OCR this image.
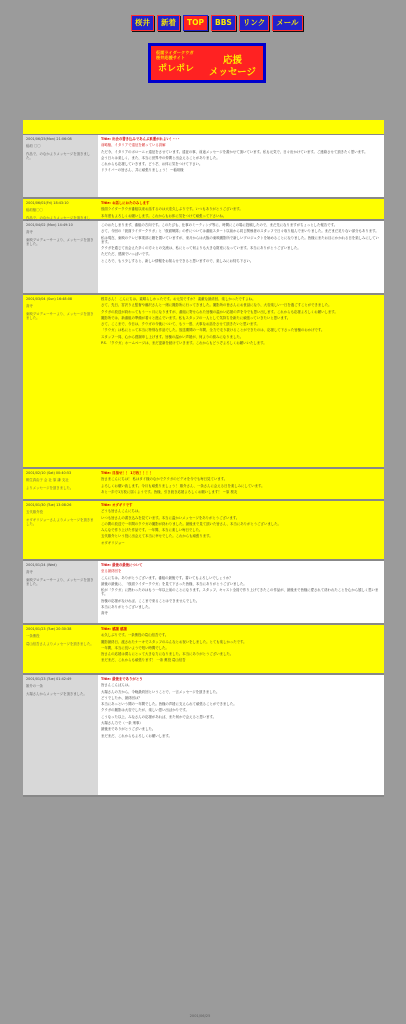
桜井	新着	TOP	BBS	リンク	メール
仮面ライダークウガ
桜井応援サイト
ポレポレ
応援
メッセージ
2001/06/25(Mon) 21:06:08
稲垣 〇〇
作品で、のなかよりメッセージを頂きました。
Title: 出会の書き込みであんぷ系運がれよい！-・-
前略様、イタリアで遠征を願っている誤解
ただ今、イタリアのボローニャ遠征をさせています。遠征の事、前途メッセージを書かせて頂いています。私も元気で、日々出かけています。ご連絡させて頂きたく思います。
会う日々は楽しく、また、本当に世界中の仲間と出会えることがありました。
これからも応援していきます。どうぞ、お体に気をつけて下さい。
ドライバーの皆さん、共に頑張りましょう！ ー稲垣様
2001/06/01(Fri) 18:43:10
稲垣様〇〇
作品で、のなかよりメッセージを頂きまし
Title: お話しにおたのみします
仮面ライダークウガ番組以来お話するのは大変久しぶりです。いつもありがとうございます。
本年度もよろしくお願いします。これからもお体に気をつけて頑張って下さいね。
2001/04/02 (Mon) 14:49:10
高寺
東映プロデューサーより、メッセージを頂きました。
このおたしまりまず、番組の方向です。このたびも、仕事のミーティング等に、時間にこの場に投稿したので、まだ先になりますがちょっとした報告です。
さて、今回の「仮面ライダークウガ」と「仮面戦隊」の件については番組スタート以前から同じ関係者のスタッフで日々取り組んでまいりました。まだまだ足りない部分もあります。
私は現在、東映のテレビ事業部に籍を置いていますが、来月からは大阪の東映撮影所で新しいプロジェクトを始めることになりました。皆様にまたお目にかかれる日を楽しみにしています。
クウガを通じて出会えた多くの方々との交流は、私にとって何よりも大きな財産になっています。本当にありがとうございました。
ただただ、感謝でいっぱいです。
ところで、もう少しすると、新しい情報をお知らせできると思いますので、楽しみにお待ち下さい。
2001/03/04 (Sun) 16:48:08
高寺
東映プロデューサーより、メッセージを頂きました。
桜井さん！ こんにちは。素晴らしかったです。お元気ですか？ 素敵な最終回、楽しかったですよね。
さて、先日、宮沢りえ監督や藤沢さんと一緒に撮影所に行ってきました。撮影所の皆さんにお世話になり、大変楽しい一日を過ごすことができました。
クウガの放送が終わってもう一ヶ月になりますが、番組に寄せられた皆様の温かい応援の声を今でも思い出します。これからも応援よろしくお願いします。
撮影所では、新番組の準備が着々と進んでいます。私もスタッフの一人として気持ちを新たに頑張っていきたいと思います。
さて、ここまで、今日は、クウガの今後について、もう一度、大事なお話をさせて頂きたいと思います。
「クウガ」は私にとって本当に特別な作品でした。放送期間の一年間、全力で走り抜けることができたのは、応援して下さった皆様のおかげです。
スタッフ一同、心から感謝申し上げます。皆様の温かい声援が、何よりの励みになりました。
P.S. 「クウガ」ホームページは、まだ更新を続けていきます。これからもどうぞよろしくお願いいたします。
2001/02/10 (Sat) 00:40:53
桐生真由子 会 社 原 謙 支社
よりメッセージを頂きました。
Title: 目指せ！！ 1万枚！！！！
皆さまこんにちは！ 私はタイ様のなかでクウガのビデオを今でも毎日見ています。
よろしくお願い致します。今月も頑張りましょう！ 雄介さん、一条さんに会える日を楽しみにしています。
あと一歩で1万枚に届くようです。皆様、引き続き応援よろしくお願いします！ ー原 桜友
2001/01/30 (Tue) 13:08:26
五代雄介役
オダギリジョーさんよりメッセージを頂きました。
Title: オダギリです
どうも皆さんこんにちは。
いつも皆さんの書き込みを見ています。本当に温かいメッセージをありがとうございます。
この間の放送で一年間のクウガの撮影が終わりました。最後まで見て頂いた皆さん、本当にありがとうございました。
みんなで作り上げた作品です。一年間、本当に楽しい毎日でした。
五代雄介という役に出会えて本当に幸せでした。これからも頑張ります。
オダギリジョー
2001/01/24 (Wed)
高寺
東映プロデューサーより、メッセージを頂きました。
Title: 最後の最後について
至る最終回を
こんにちは。ありがとうございます。番組の最後です。書いてもよろしいでしょうか？
最後の最後に、「仮面ライダークウガ」を見て下さった皆様、本当にありがとうございました。
私が「クウガ」に携わったのはもう一年以上前のことになります。スタッフ、キャスト全員で作り上げてきたこの作品が、最後まで皆様に愛されて終われたことを心から嬉しく思います。
皆様の応援がなければ、ここまで来ることはできませんでした。
本当にありがとうございました。
高寺
2001/01/23 (Tue) 20:30:38
一条薫役
葛山信吾さんよりメッセージを頂きました。
Title: 感謝 感謝
お久しぶりです。一条薫役の葛山信吾です。
撮影最終日、渡されたケーキでスタッフのみんなとお祝いをしました。とても楽しかったです。
一年間、本当に長いようで短い時間でした。
皆さんの応援は僕らにとって大きな力になりました。本当にありがとうございました。
まだまだ、これからも頑張ります！ 一条 薫役 葛山信吾
2001/01/23 (Tue) 01:42:49
雄介の一条
大場さんからメッセージを頂きました。
Title: 最後までありがとう
皆さんこんばんは。
大場さんの方から、今晩最終回ということで、一言メッセージを頂きました。
どうでしたか、最終回は？
本当にあっという間の一年間でした。皆様の声援に支えられて頑張ることができました。
クウガの撮影は大変でしたが、楽しい思い出ばかりです。
こうなった以上、みなさんの応援があれば、また何かで会えると思います。
大場さん力で（一条 刑事）
最後までありがとうございました。
まだまだ、これからもよろしくお願いします。
2001/06/25
